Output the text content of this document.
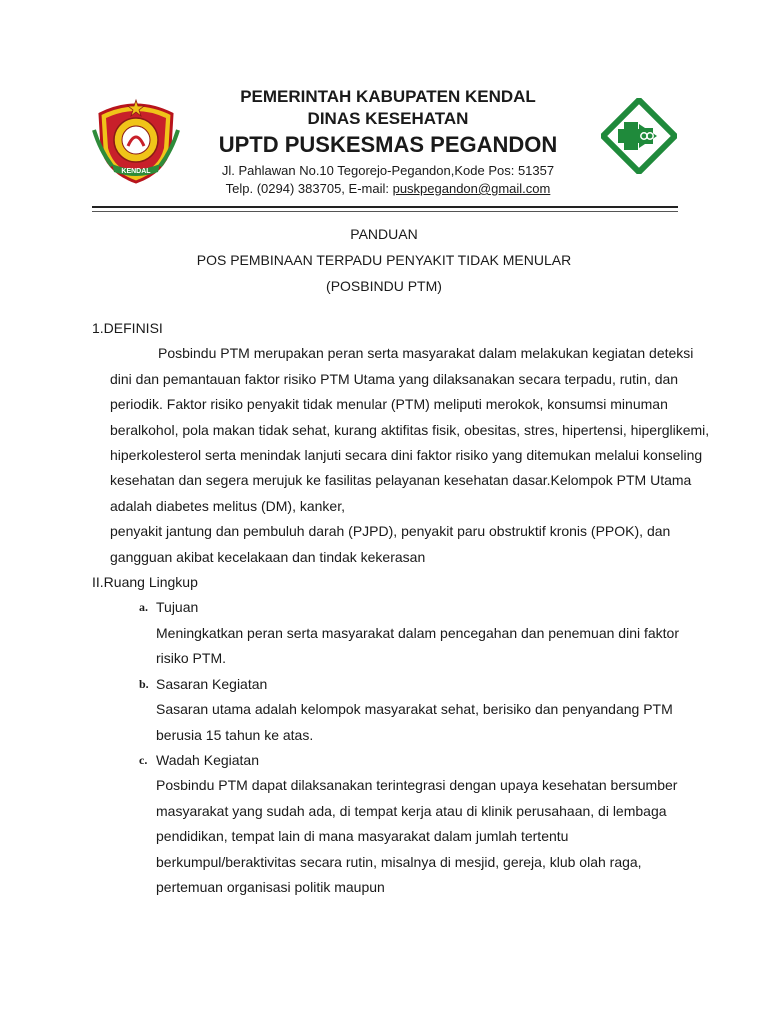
KENDAL
PEMERINTAH KABUPATEN KENDAL
DINAS KESEHATAN
UPTD PUSKESMAS PEGANDON
Jl. Pahlawan No.10 Tegorejo-Pegandon,Kode Pos: 51357
Telp. (0294) 383705, E-mail: puskpegandon@gmail.com
PANDUAN
POS PEMBINAAN TERPADU PENYAKIT TIDAK MENULAR
(POSBINDU PTM)

1.DEFINISI

Posbindu PTM merupakan peran serta masyarakat dalam melakukan kegiatan deteksi dini dan pemantauan faktor risiko PTM Utama yang dilaksanakan secara terpadu, rutin, dan periodik. Faktor risiko penyakit tidak menular (PTM) meliputi merokok, konsumsi minuman beralkohol, pola makan tidak sehat, kurang aktifitas fisik, obesitas, stres, hipertensi, hiperglikemi, hiperkolesterol serta menindak lanjuti secara dini faktor risiko yang ditemukan melalui konseling kesehatan dan segera merujuk ke fasilitas pelayanan kesehatan dasar.Kelompok PTM Utama adalah diabetes melitus (DM), kanker,

penyakit jantung dan pembuluh darah (PJPD), penyakit paru obstruktif kronis (PPOK), dan gangguan akibat kecelakaan dan tindak kekerasan

II.Ruang Lingkup

a. Tujuan

Meningkatkan peran serta masyarakat dalam pencegahan dan penemuan dini faktor risiko PTM.

b. Sasaran Kegiatan

Sasaran utama adalah kelompok masyarakat sehat, berisiko dan penyandang PTM berusia 15 tahun ke atas.

c. Wadah Kegiatan

Posbindu PTM dapat dilaksanakan terintegrasi dengan upaya kesehatan bersumber masyarakat yang sudah ada, di tempat kerja atau di klinik perusahaan, di lembaga pendidikan, tempat lain di mana masyarakat dalam jumlah tertentu berkumpul/beraktivitas secara rutin, misalnya di mesjid, gereja, klub olah raga, pertemuan organisasi politik maupun
